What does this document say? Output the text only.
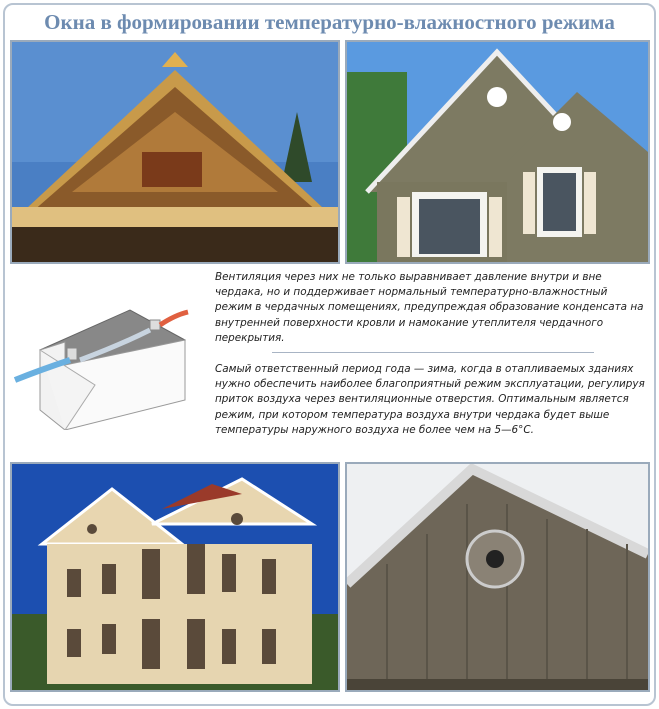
Окна в формировании температурно-влажностного режима
Вентиляция через них не только выравнивает давление внутри и вне чердака, но и поддерживает нормальный температурно-влажностный режим в чердачных помещениях, предупреждая образование конденсата на внутренней поверхности кровли и намокание утеплителя чердачного перекрытия.
Самый ответственный период года — зима, когда в отапливаемых зданиях нужно обеспечить наиболее благоприятный режим эксплуатации, регулируя приток воздуха через вентиляционные отверстия. Оптимальным является режим, при котором температура воздуха внутри чердака будет выше температуры наружного воздуха не более чем на 5—6°С.
